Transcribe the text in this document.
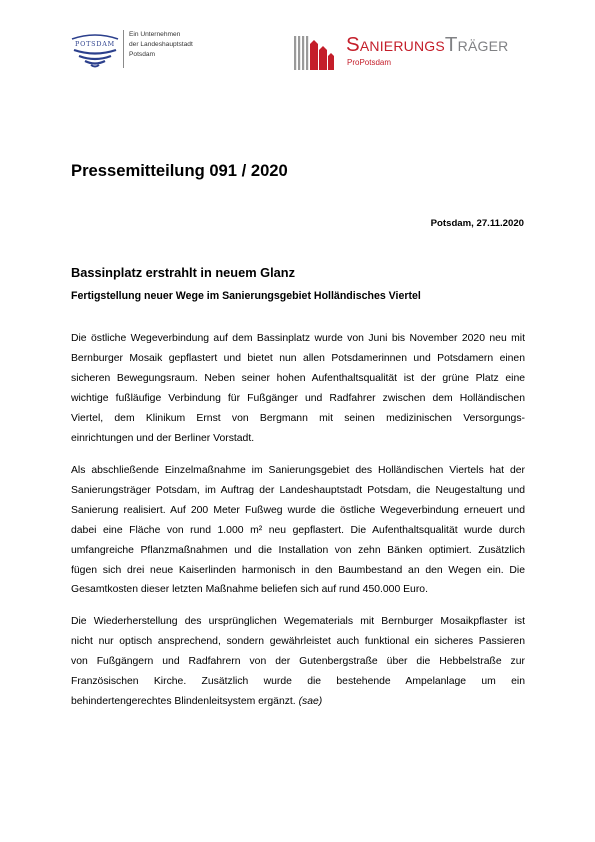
POTSDAM
Ein Unternehmen
der Landeshauptstadt
Potsdam	SanierungsTräger
ProPotsdam
Pressemitteilung 091 / 2020
Potsdam, 27.11.2020
Bassinplatz erstrahlt in neuem Glanz
Fertigstellung neuer Wege im Sanierungsgebiet Holländisches Viertel
Die östliche Wegeverbindung auf dem Bassinplatz wurde von Juni bis November 2020 neu mit
Bernburger Mosaik gepflastert und bietet nun allen Potsdamerinnen und Potsdamern einen
sicheren Bewegungsraum. Neben seiner hohen Aufenthaltsqualität ist der grüne Platz eine
wichtige fußläufige Verbindung für Fußgänger und Radfahrer zwischen dem Holländischen
Viertel, dem Klinikum Ernst von Bergmann mit seinen medizinischen Versorgungs-
einrichtungen und der Berliner Vorstadt.
Als abschließende Einzelmaßnahme im Sanierungsgebiet des Holländischen Viertels hat der
Sanierungsträger Potsdam, im Auftrag der Landeshauptstadt Potsdam, die Neugestaltung und
Sanierung realisiert. Auf 200 Meter Fußweg wurde die östliche Wegeverbindung erneuert und
dabei eine Fläche von rund 1.000 m² neu gepflastert. Die Aufenthaltsqualität wurde durch
umfangreiche Pflanzmaßnahmen und die Installation von zehn Bänken optimiert. Zusätzlich
fügen sich drei neue Kaiserlinden harmonisch in den Baumbestand an den Wegen ein. Die
Gesamtkosten dieser letzten Maßnahme beliefen sich auf rund 450.000 Euro.
Die Wiederherstellung des ursprünglichen Wegematerials mit Bernburger Mosaikpflaster ist
nicht nur optisch ansprechend, sondern gewährleistet auch funktional ein sicheres Passieren
von Fußgängern und Radfahrern von der Gutenbergstraße über die Hebbelstraße zur
Französischen Kirche. Zusätzlich wurde die bestehende Ampelanlage um ein
behindertengerechtes Blindenleitsystem ergänzt. (sae)
